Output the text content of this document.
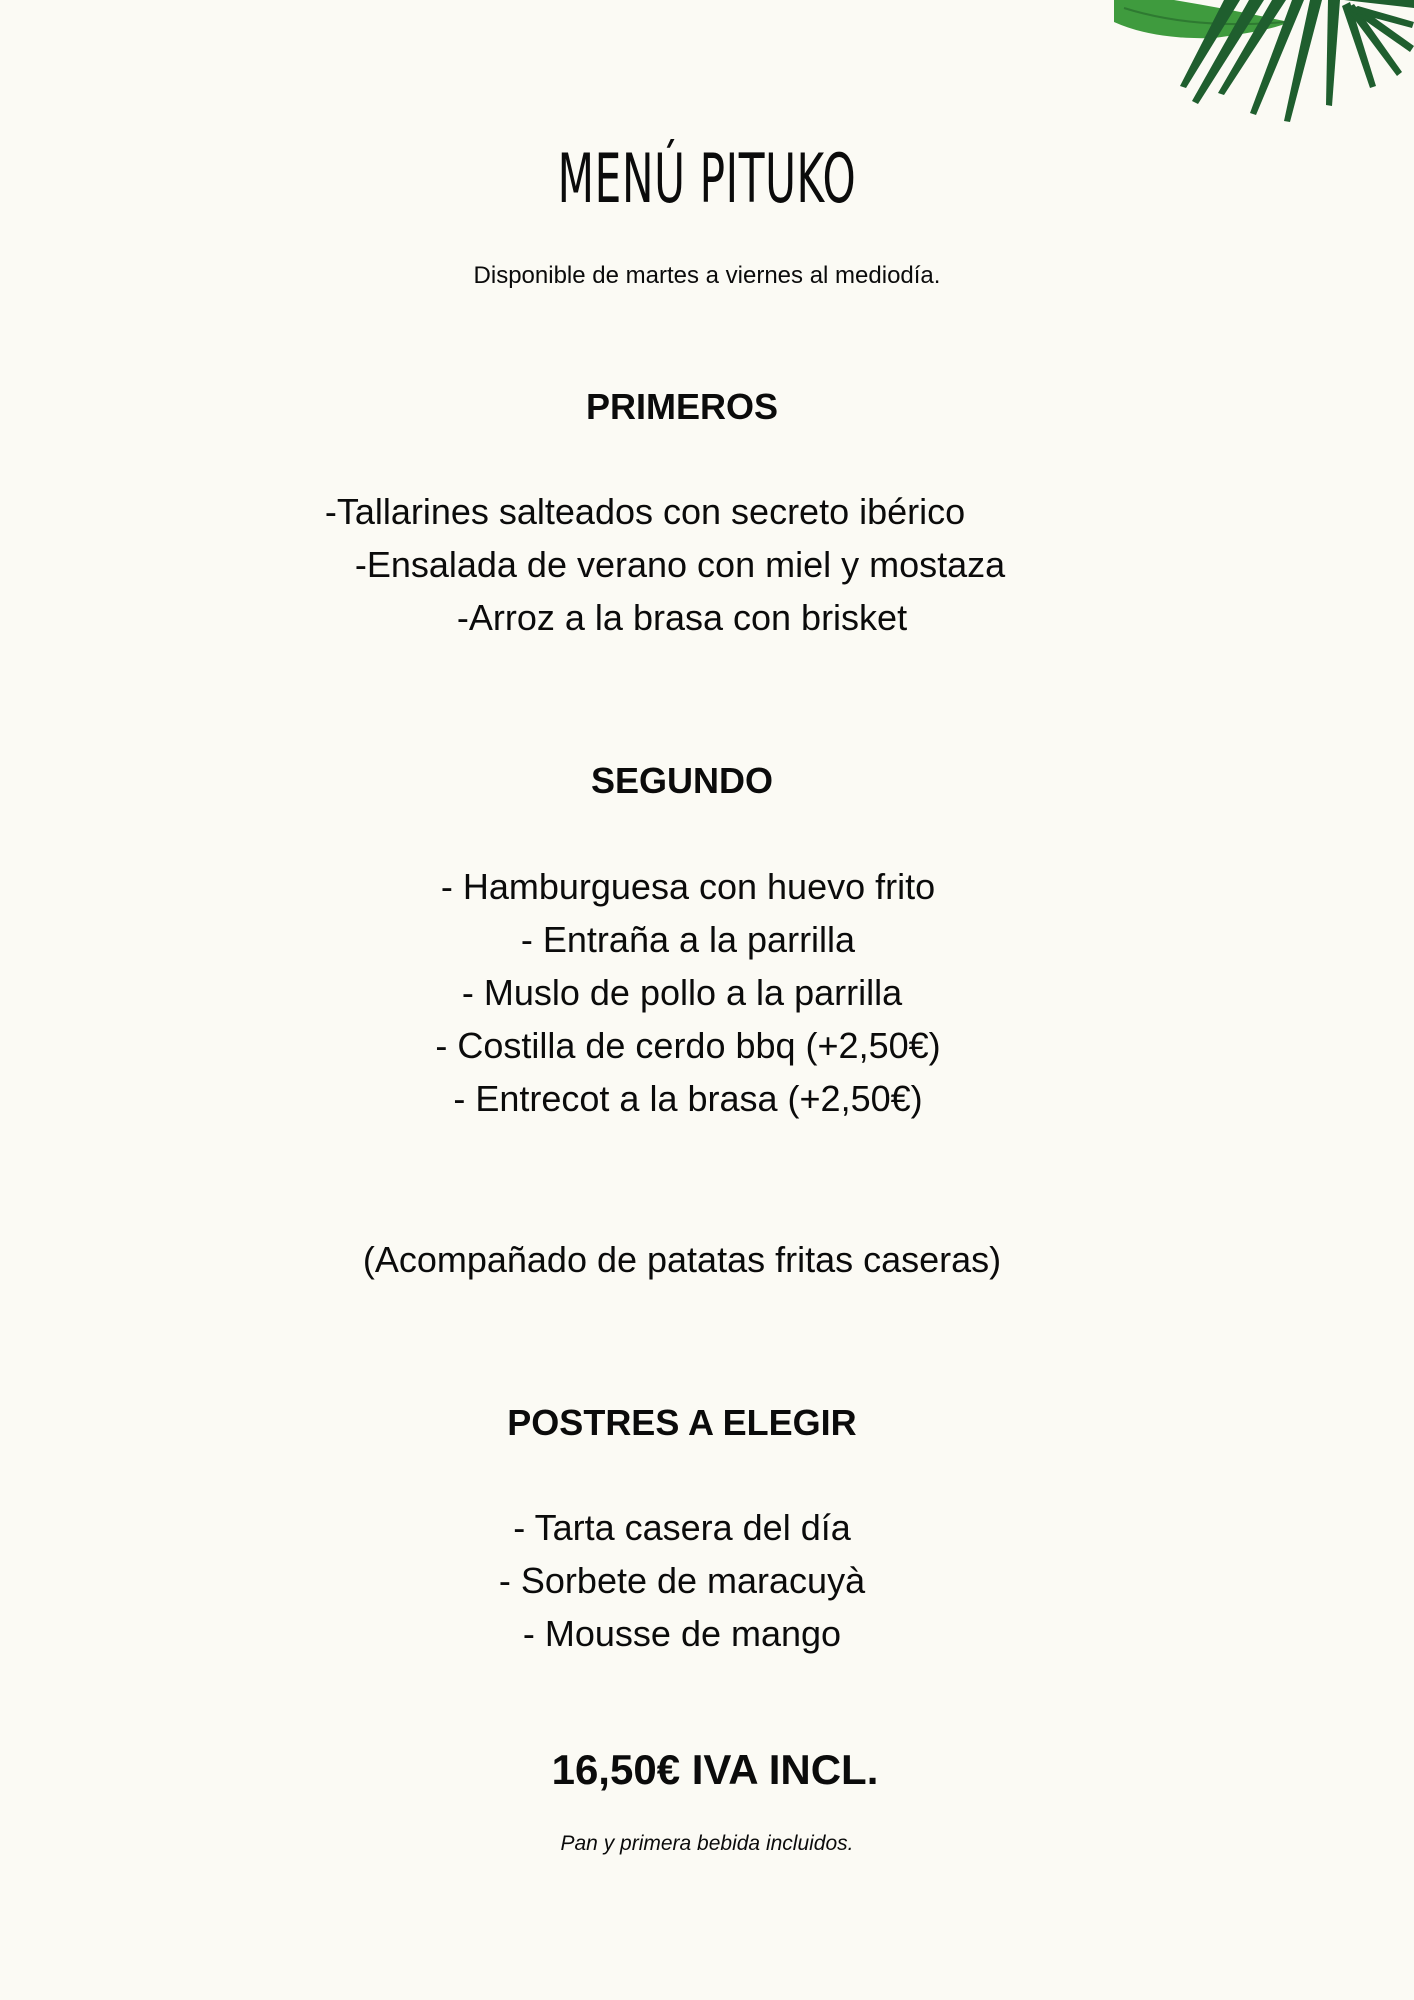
MENÚ PITUKO
Disponible de martes a viernes al mediodía.
PRIMEROS
-Tallarines salteados con secreto ibérico
-Ensalada de verano con miel y mostaza
-Arroz a la brasa con brisket
SEGUNDO
- Hamburguesa con huevo frito
- Entraña a la parrilla
- Muslo de pollo a la parrilla
- Costilla de cerdo bbq (+2,50€)
- Entrecot a la brasa (+2,50€)
(Acompañado de patatas fritas caseras)
POSTRES A ELEGIR
- Tarta casera del día
- Sorbete de maracuyà
- Mousse de mango
16,50€ IVA INCL.
Pan y primera bebida incluidos.
